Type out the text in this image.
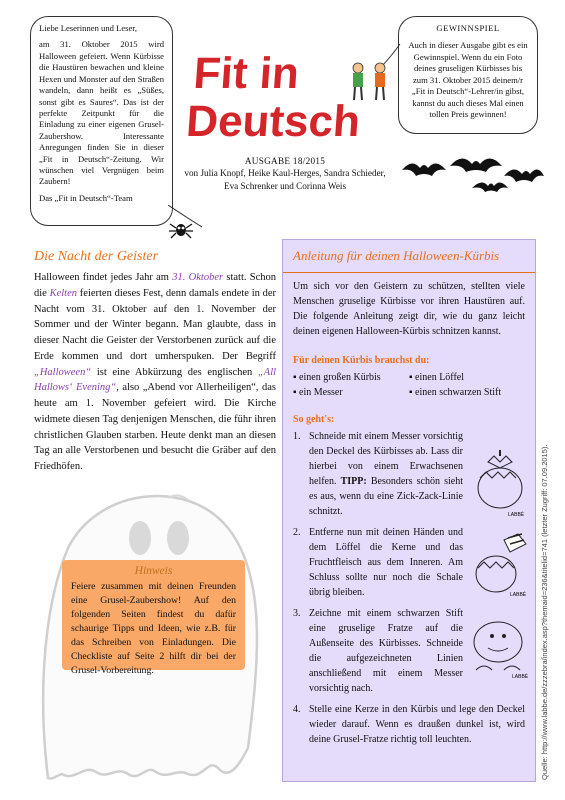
Liebe Leserinnen und Leser,

am 31. Oktober 2015 wird Halloween gefeiert. Wenn Kürbisse die Haustüren bewachen und kleine Hexen und Monster auf den Straßen wandeln, dann heißt es „Süßes, sonst gibt es Saures“. Das ist der perfekte Zeitpunkt für die Einladung zu einer eigenen Grusel-Zaubershow. Interessante Anregungen finden Sie in dieser „Fit in Deutsch“-Zeitung. Wir wünschen viel Vergnügen beim Zaubern!

Das „Fit in Deutsch“-Team

GEWINNSPIEL
Auch in dieser Ausgabe gibt es ein Gewinnspiel. Wenn du ein Foto deines gruseligen Kürbisses bis zum 31. Oktober 2015 deinem/r „Fit in Deutsch“-Lehrer/in gibst, kannst du auch dieses Mal einen tollen Preis gewinnen!
Fit in
Deutsch
AUSGABE 18/2015
von Julia Knopf, Heike Kaul-Herges, Sandra Schieder,
Eva Schrenker und Corinna Weis
Die Nacht der Geister
Halloween findet jedes Jahr am 31. Oktober statt. Schon die Kelten feierten dieses Fest, denn damals endete in der Nacht vom 31. Oktober auf den 1. November der Sommer und der Winter begann. Man glaubte, dass in dieser Nacht die Geister der Verstorbenen zurück auf die Erde kommen und dort umherspuken. Der Begriff „Halloween“ ist eine Abkürzung des englischen „All Hallows‘ Evening“, also „Abend vor Allerheiligen“, das heute am 1. November gefeiert wird. Die Kirche widmete diesen Tag denjenigen Menschen, die führ ihren christlichen Glauben starben. Heute denkt man an diesen Tag an alle Verstorbenen und besucht die Gräber auf den Friedhöfen.
Hinweis
Feiere zusammen mit deinen Freunden eine Grusel-Zaubershow! Auf den folgenden Seiten findest du dafür schaurige Tipps und Ideen, wie z.B. für das Schreiben von Einladungen. Die Checkliste auf Seite 2 hilft dir bei der Grusel-Vorbereitung.
Anleitung für deinen Halloween-Kürbis

Um sich vor den Geistern zu schützen, stellten viele Menschen gruselige Kürbisse vor ihren Haustüren auf. Die folgende Anleitung zeigt dir, wie du ganz leicht deinen eigenen Halloween-Kürbis schnitzen kannst.

Für deinen Kürbis brauchst du:

▪ einen großen Kürbis	▪ einen Löffel
▪ ein Messer	▪ einen schwarzen Stift

So geht's:

1. Schneide mit einem Messer vorsichtig den Deckel des Kürbisses ab. Lass dir hierbei von einem Erwachsenen helfen. TIPP: Besonders schön sieht es aus, wenn du eine Zick-Zack-Linie schnitzt.
2. Entferne nun mit deinen Händen und dem Löffel die Kerne und das Fruchtfleisch aus dem Inneren. Am Schluss sollte nur noch die Schale übrig bleiben.
3. Zeichne mit einem schwarzen Stift eine gruselige Fratze auf die Außenseite des Kürbisses. Schneide die aufgezeichneten Linien anschließend mit einem Messer vorsichtig nach.
4. Stelle eine Kerze in den Kürbis und lege den Deckel wieder darauf. Wenn es draußen dunkel ist, wird deine Grusel-Fratze richtig toll leuchten.
LABBÉ
LABBÉ
LABBÉ Quelle: http://www.labbe.de/zzzebra/index.asp?themaid=236&titelid=741 (letzter Zugriff: 07.09.2015).
